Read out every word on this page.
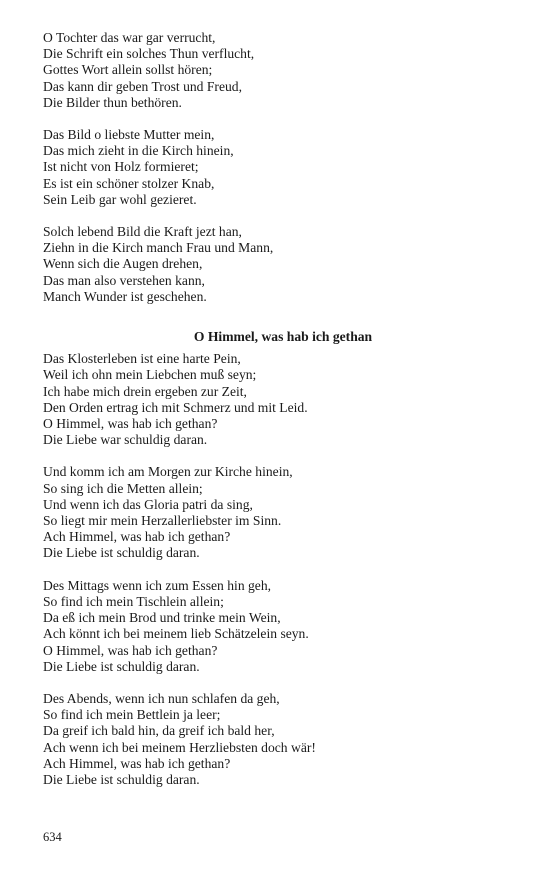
O Tochter das war gar verrucht,
Die Schrift ein solches Thun verflucht,
Gottes Wort allein sollst hören;
Das kann dir geben Trost und Freud,
Die Bilder thun bethören.
Das Bild o liebste Mutter mein,
Das mich zieht in die Kirch hinein,
Ist nicht von Holz formieret;
Es ist ein schöner stolzer Knab,
Sein Leib gar wohl gezieret.
Solch lebend Bild die Kraft jezt han,
Ziehn in die Kirch manch Frau und Mann,
Wenn sich die Augen drehen,
Das man also verstehen kann,
Manch Wunder ist geschehen.
O Himmel, was hab ich gethan
Das Klosterleben ist eine harte Pein,
Weil ich ohn mein Liebchen muß seyn;
Ich habe mich drein ergeben zur Zeit,
Den Orden ertrag ich mit Schmerz und mit Leid.
O Himmel, was hab ich gethan?
Die Liebe war schuldig daran.
Und komm ich am Morgen zur Kirche hinein,
So sing ich die Metten allein;
Und wenn ich das Gloria patri da sing,
So liegt mir mein Herzallerliebster im Sinn.
Ach Himmel, was hab ich gethan?
Die Liebe ist schuldig daran.
Des Mittags wenn ich zum Essen hin geh,
So find ich mein Tischlein allein;
Da eß ich mein Brod und trinke mein Wein,
Ach könnt ich bei meinem lieb Schätzelein seyn.
O Himmel, was hab ich gethan?
Die Liebe ist schuldig daran.
Des Abends, wenn ich nun schlafen da geh,
So find ich mein Bettlein ja leer;
Da greif ich bald hin, da greif ich bald her,
Ach wenn ich bei meinem Herzliebsten doch wär!
Ach Himmel, was hab ich gethan?
Die Liebe ist schuldig daran.
634
